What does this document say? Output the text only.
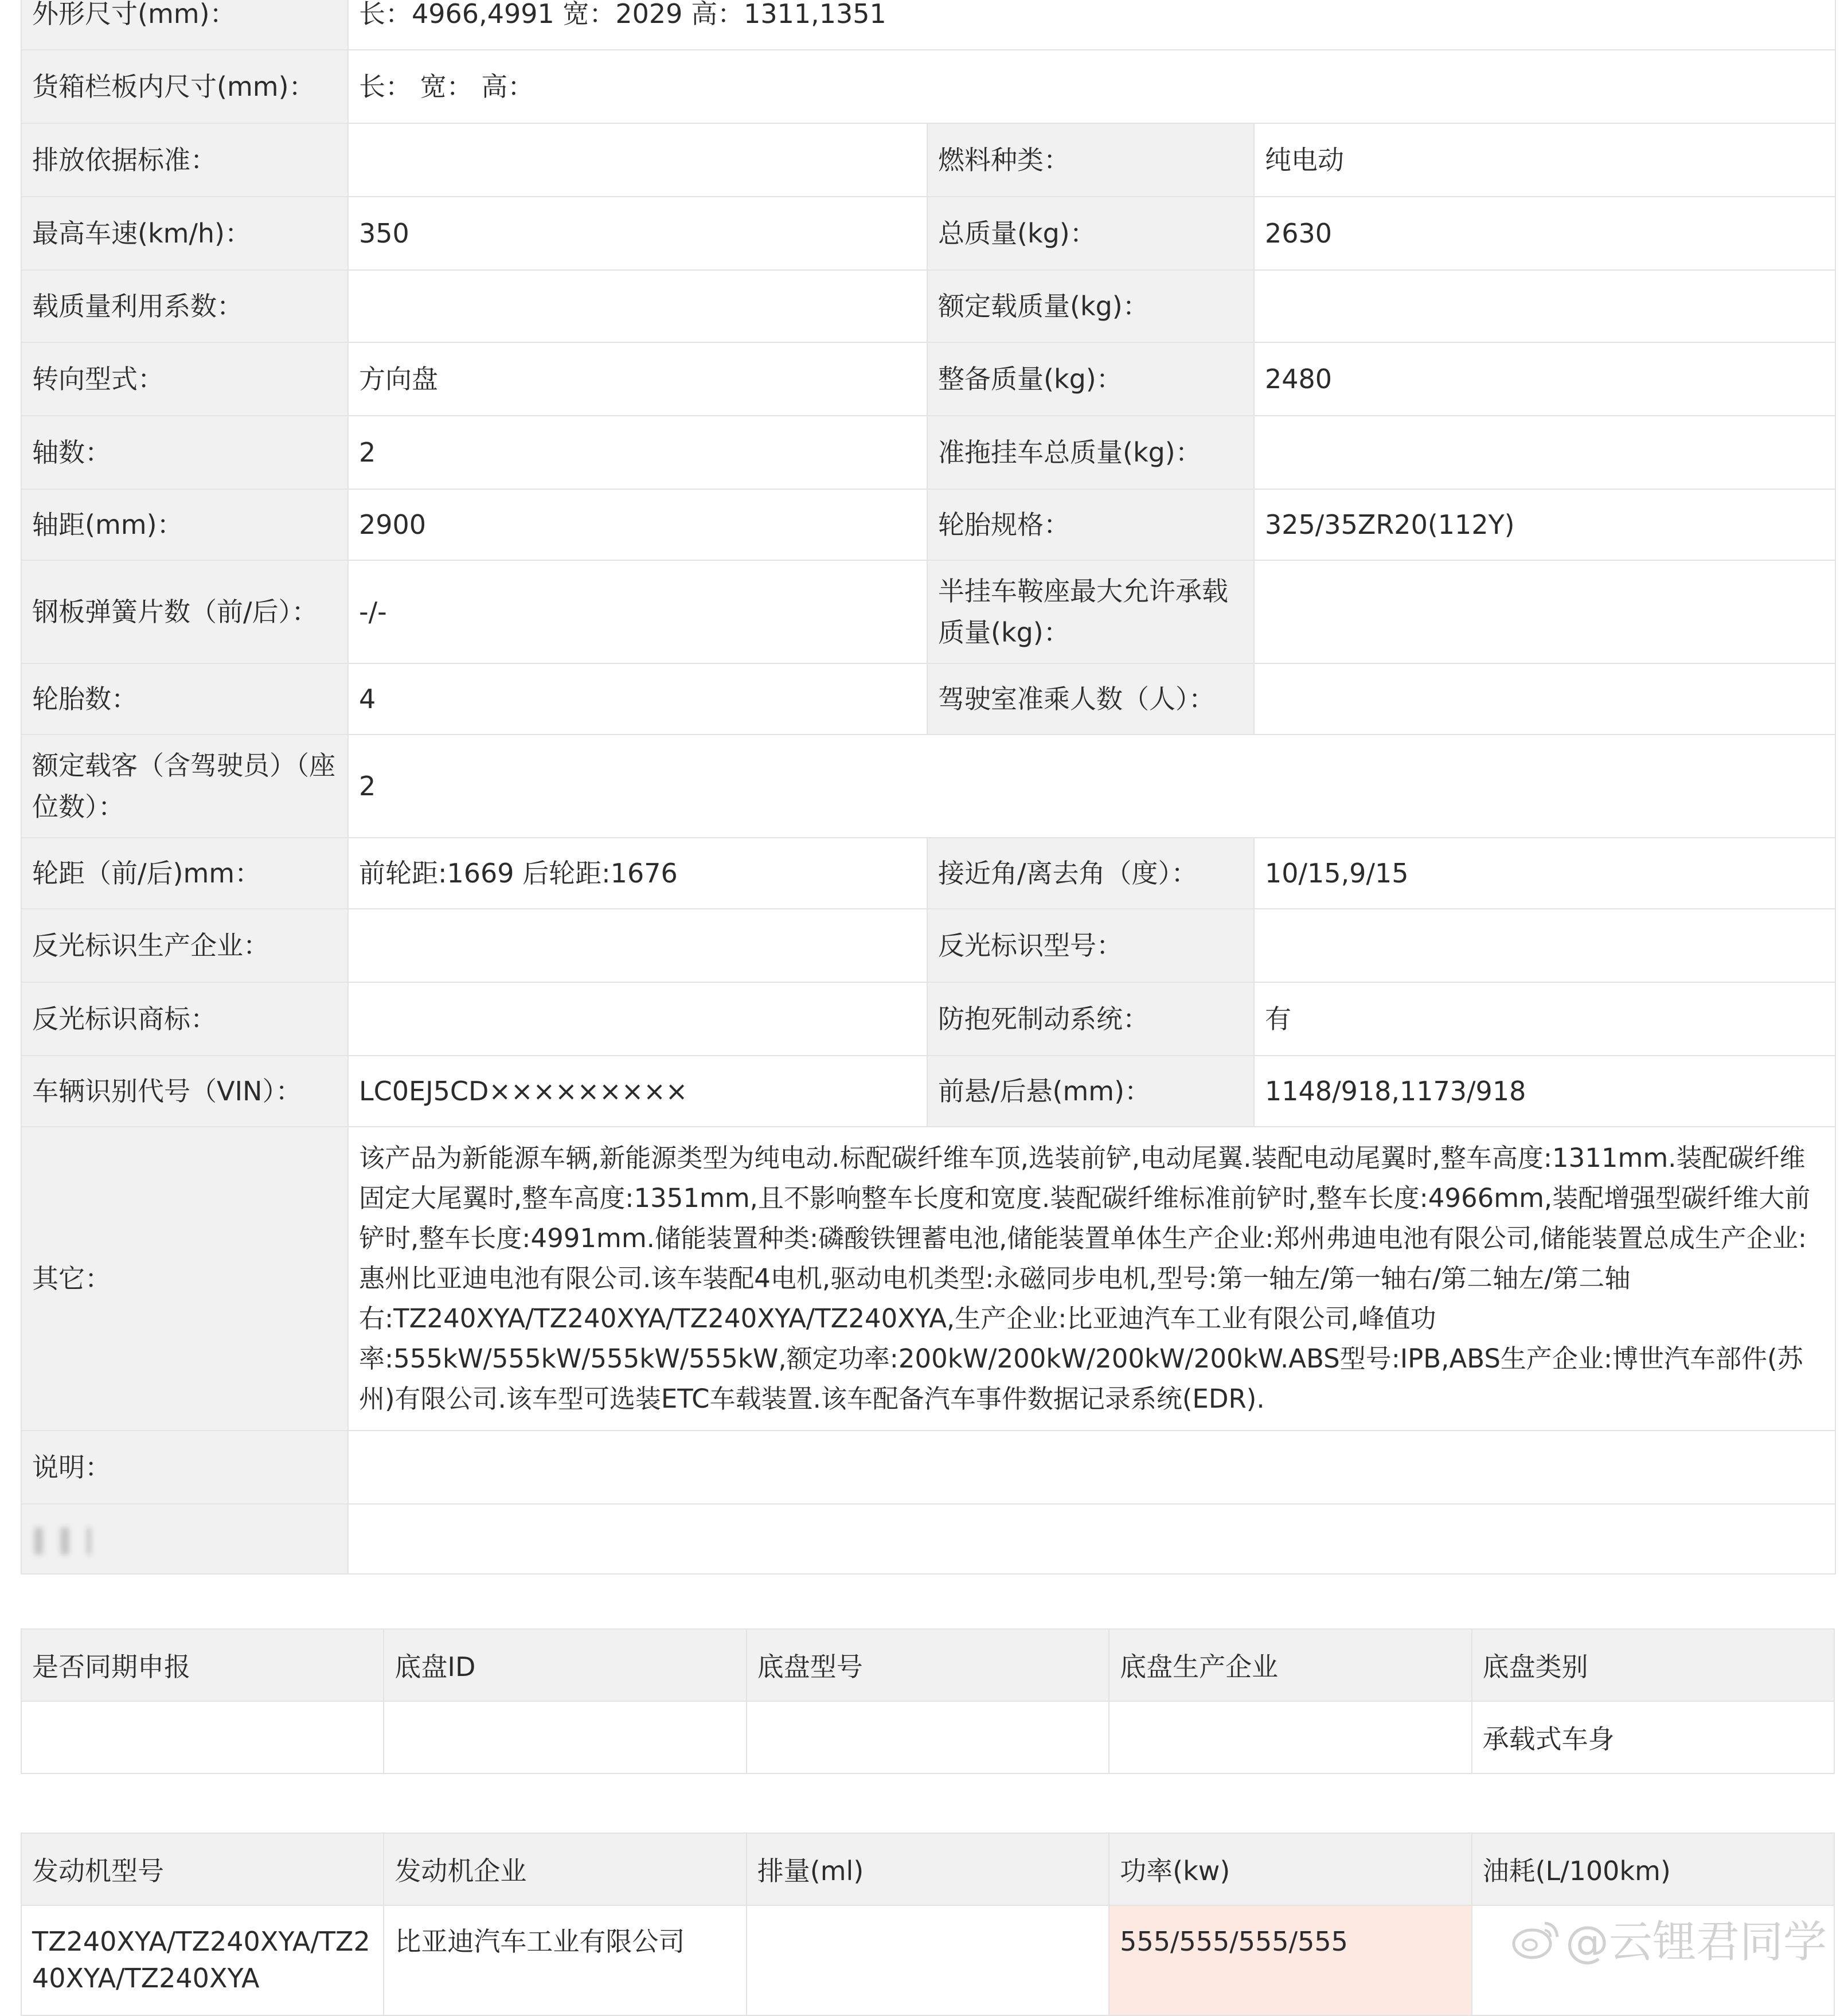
外形尺寸(mm)：	长：4966,4991 宽：2029 高：1311,1351		
货箱栏板内尺寸(mm)：	长： 宽： 高：		
排放依据标准：		燃料种类：	纯电动
最高车速(km/h)：	350	总质量(kg)：	2630
载质量利用系数：		额定载质量(kg)：	
转向型式：	方向盘	整备质量(kg)：	2480
轴数：	2	准拖挂车总质量(kg)：	
轴距(mm)：	2900	轮胎规格：	325/35ZR20(112Y)
钢板弹簧片数（前/后）：	-/-	半挂车鞍座最大允许承载质量(kg)：	
轮胎数：	4	驾驶室准乘人数（人）：	
额定载客（含驾驶员）（座位数）：	2		
轮距（前/后)mm：	前轮距:1669 后轮距:1676	接近角/离去角（度）：	10/15,9/15
反光标识生产企业：		反光标识型号：	
反光标识商标：		防抱死制动系统：	有
车辆识别代号（VIN）：	LC0EJ5CD×××××××××	前悬/后悬(mm)：	1148/918,1173/918
其它：	该产品为新能源车辆,新能源类型为纯电动.标配碳纤维车顶,选装前铲,电动尾翼.装配电动尾翼时,整车高度:1311mm.装配碳纤维固定大尾翼时,整车高度:1351mm,且不影响整车长度和宽度.装配碳纤维标准前铲时,整车长度:4966mm,装配增强型碳纤维大前铲时,整车长度:4991mm.储能装置种类:磷酸铁锂蓄电池,储能装置单体生产企业:郑州弗迪电池有限公司,储能装置总成生产企业:惠州比亚迪电池有限公司.该车装配4电机,驱动电机类型:永磁同步电机,型号:第一轴左/第一轴右/第二轴左/第二轴右:TZ240XYA/TZ240XYA/TZ240XYA/TZ240XYA,生产企业:比亚迪汽车工业有限公司,峰值功率:555kW/555kW/555kW/555kW,额定功率:200kW/200kW/200kW/200kW.ABS型号:IPB,ABS生产企业:博世汽车部件(苏州)有限公司.该车型可选装ETC车载装置.该车配备汽车事件数据记录系统(EDR).		
说明：			
‖ ‖ |			
是否同期申报	底盘ID	底盘型号	底盘生产企业	底盘类别
				承载式车身
发动机型号	发动机企业	排量(ml)	功率(kw)	油耗(L/100km)
TZ240XYA/TZ240XYA/TZ240XYA/TZ240XYA	比亚迪汽车工业有限公司		555/555/555/555		@云锂君同学
